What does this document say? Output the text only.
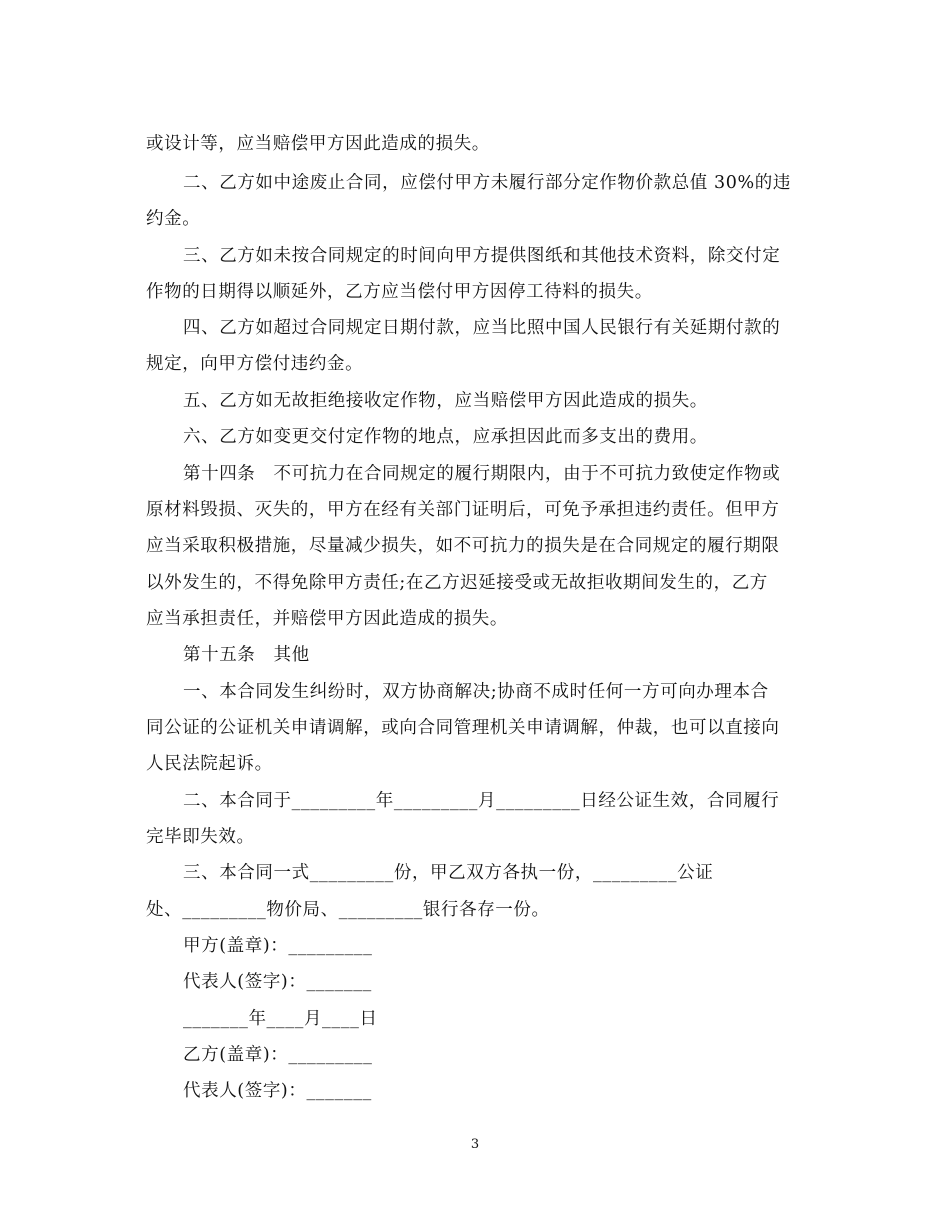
或设计等，应当赔偿甲方因此造成的损失。
二、乙方如中途废止合同，应偿付甲方未履行部分定作物价款总值 30%的违
约金。
三、乙方如未按合同规定的时间向甲方提供图纸和其他技术资料，除交付定
作物的日期得以顺延外，乙方应当偿付甲方因停工待料的损失。
四、乙方如超过合同规定日期付款，应当比照中国人民银行有关延期付款的
规定，向甲方偿付违约金。
五、乙方如无故拒绝接收定作物，应当赔偿甲方因此造成的损失。
六、乙方如变更交付定作物的地点，应承担因此而多支出的费用。
第十四条　不可抗力在合同规定的履行期限内，由于不可抗力致使定作物或
原材料毁损、灭失的，甲方在经有关部门证明后，可免予承担违约责任。但甲方
应当采取积极措施，尽量减少损失，如不可抗力的损失是在合同规定的履行期限
以外发生的，不得免除甲方责任;在乙方迟延接受或无故拒收期间发生的，乙方
应当承担责任，并赔偿甲方因此造成的损失。
第十五条　其他
一、本合同发生纠纷时，双方协商解决;协商不成时任何一方可向办理本合
同公证的公证机关申请调解，或向合同管理机关申请调解，仲裁，也可以直接向
人民法院起诉。
二、本合同于_________年_________月_________日经公证生效，合同履行
完毕即失效。
三、本合同一式_________份，甲乙双方各执一份，_________公证
处、_________物价局、_________银行各存一份。
甲方(盖章)：_________
代表人(签字)：_______
_______年____月____日
乙方(盖章)：_________
代表人(签字)：_______
3
